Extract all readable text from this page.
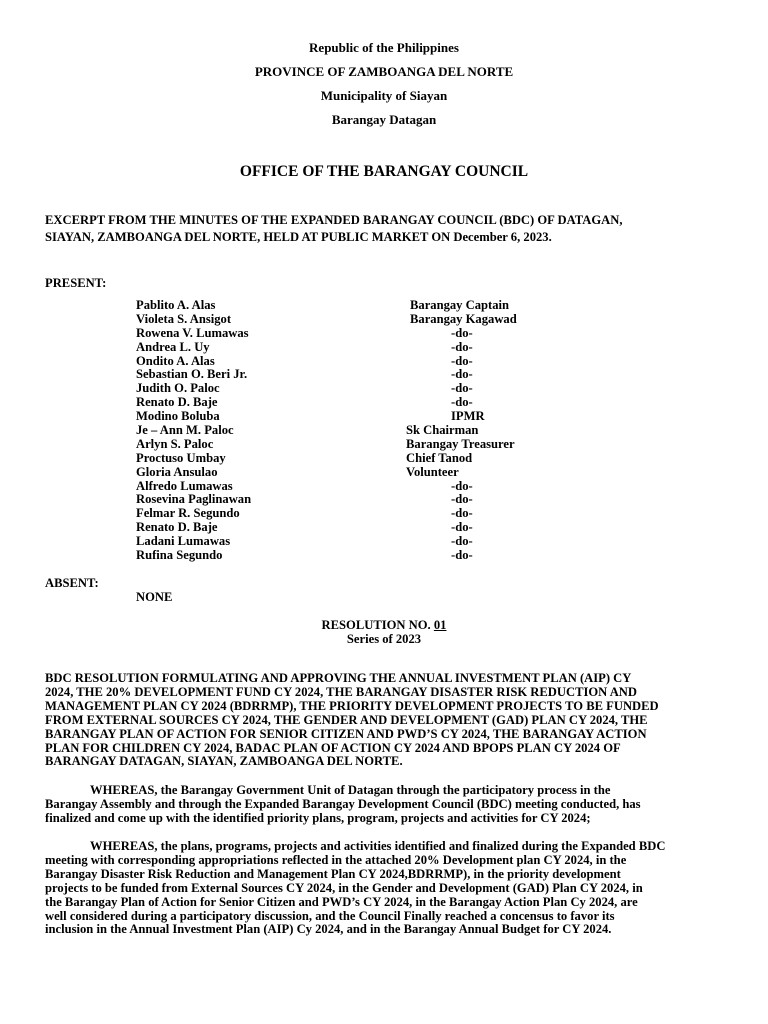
Republic of the Philippines
PROVINCE OF ZAMBOANGA DEL NORTE
Municipality of Siayan
Barangay Datagan
OFFICE OF THE BARANGAY COUNCIL
EXCERPT FROM THE MINUTES OF THE EXPANDED BARANGAY COUNCIL (BDC) OF DATAGAN,
SIAYAN, ZAMBOANGA DEL NORTE, HELD AT PUBLIC MARKET ON December 6, 2023.
PRESENT:
Pablito A. Alas	Barangay Captain
Violeta S. Ansigot	Barangay Kagawad
Rowena V. Lumawas	-do-
Andrea L. Uy	-do-
Ondito A. Alas	-do-
Sebastian O. Beri Jr.	-do-
Judith O. Paloc	-do-
Renato D. Baje	-do-
Modino Boluba	IPMR
Je – Ann M. Paloc	Sk Chairman
Arlyn S. Paloc	Barangay Treasurer
Proctuso Umbay	Chief Tanod
Gloria Ansulao	Volunteer
Alfredo Lumawas	-do-
Rosevina Paglinawan	-do-
Felmar R. Segundo	-do-
Renato D. Baje	-do-
Ladani Lumawas	-do-
Rufina Segundo	-do-
ABSENT:
NONE
RESOLUTION NO. 01
Series of 2023
BDC RESOLUTION FORMULATING AND APPROVING THE ANNUAL INVESTMENT PLAN (AIP) CY
2024, THE 20% DEVELOPMENT FUND CY 2024, THE BARANGAY DISASTER RISK REDUCTION AND
MANAGEMENT PLAN CY 2024 (BDRRMP), THE PRIORITY DEVELOPMENT PROJECTS TO BE FUNDED
FROM EXTERNAL SOURCES CY 2024, THE GENDER AND DEVELOPMENT (GAD) PLAN CY 2024, THE
BARANGAY PLAN OF ACTION FOR SENIOR CITIZEN AND PWD’S CY 2024, THE BARANGAY ACTION
PLAN FOR CHILDREN CY 2024, BADAC PLAN OF ACTION CY 2024 AND BPOPS PLAN CY 2024 OF
BARANGAY DATAGAN, SIAYAN, ZAMBOANGA DEL NORTE.
WHEREAS, the Barangay Government Unit of Datagan through the participatory process in the
Barangay Assembly and through the Expanded Barangay Development Council (BDC) meeting conducted, has
finalized and come up with the identified priority plans, program, projects and activities for CY 2024;
WHEREAS, the plans, programs, projects and activities identified and finalized during the Expanded BDC
meeting with corresponding appropriations reflected in the attached 20% Development plan CY 2024, in the
Barangay Disaster Risk Reduction and Management Plan CY 2024,BDRRMP), in the priority development
projects to be funded from External Sources CY 2024, in the Gender and Development (GAD) Plan CY 2024, in
the Barangay Plan of Action for Senior Citizen and PWD’s CY 2024, in the Barangay Action Plan Cy 2024, are
well considered during a participatory discussion, and the Council Finally reached a concensus to favor its
inclusion in the Annual Investment Plan (AIP) Cy 2024, and in the Barangay Annual Budget for CY 2024.
